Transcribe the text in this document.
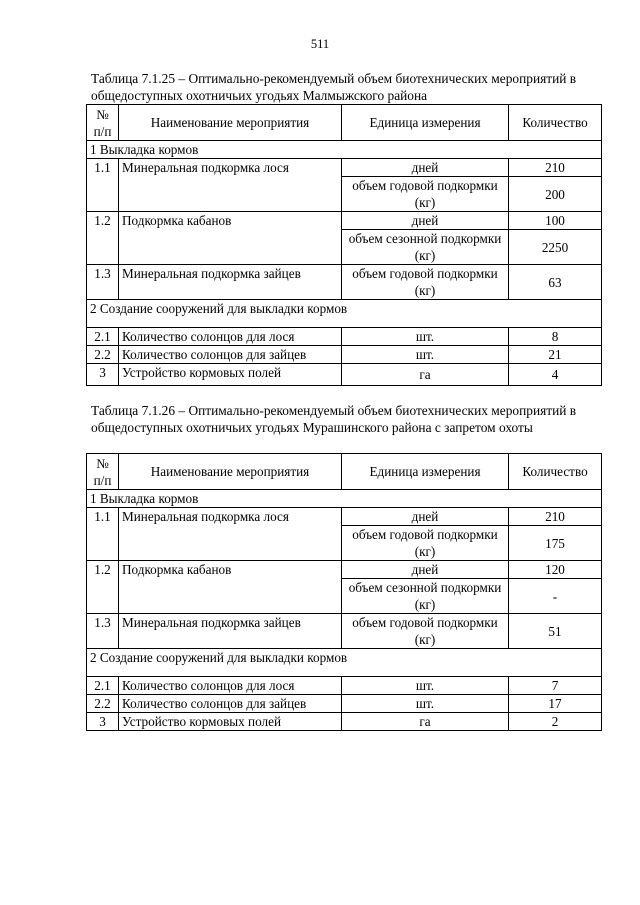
511
Таблица 7.1.25 – Оптимально-рекомендуемый объем биотехнических мероприятий в общедоступных охотничьих угодьях Малмыжского района
№ п/п	Наименование мероприятия	Единица измерения	Количество
1 Выкладка кормов			
1.1	Минеральная подкормка лося	дней	210
		объем годовой подкормки (кг)	200
1.2	Подкормка кабанов	дней	100
		объем сезонной подкормки (кг)	2250
1.3	Минеральная подкормка зайцев	объем годовой подкормки (кг)	63
2 Создание сооружений для выкладки кормов			
2.1	Количество солонцов для лося	шт.	8
2.2	Количество солонцов для зайцев	шт.	21
3	Устройство кормовых полей	га	4
Таблица 7.1.26 – Оптимально-рекомендуемый объем биотехнических мероприятий в общедоступных охотничьих угодьях Мурашинского района с запретом охоты
№ п/п	Наименование мероприятия	Единица измерения	Количество
1 Выкладка кормов			
1.1	Минеральная подкормка лося	дней	210
		объем годовой подкормки (кг)	175
1.2	Подкормка кабанов	дней	120
		объем сезонной подкормки (кг)	-
1.3	Минеральная подкормка зайцев	объем годовой подкормки (кг)	51
2 Создание сооружений для выкладки кормов			
2.1	Количество солонцов для лося	шт.	7
2.2	Количество солонцов для зайцев	шт.	17
3	Устройство кормовых полей	га	2
